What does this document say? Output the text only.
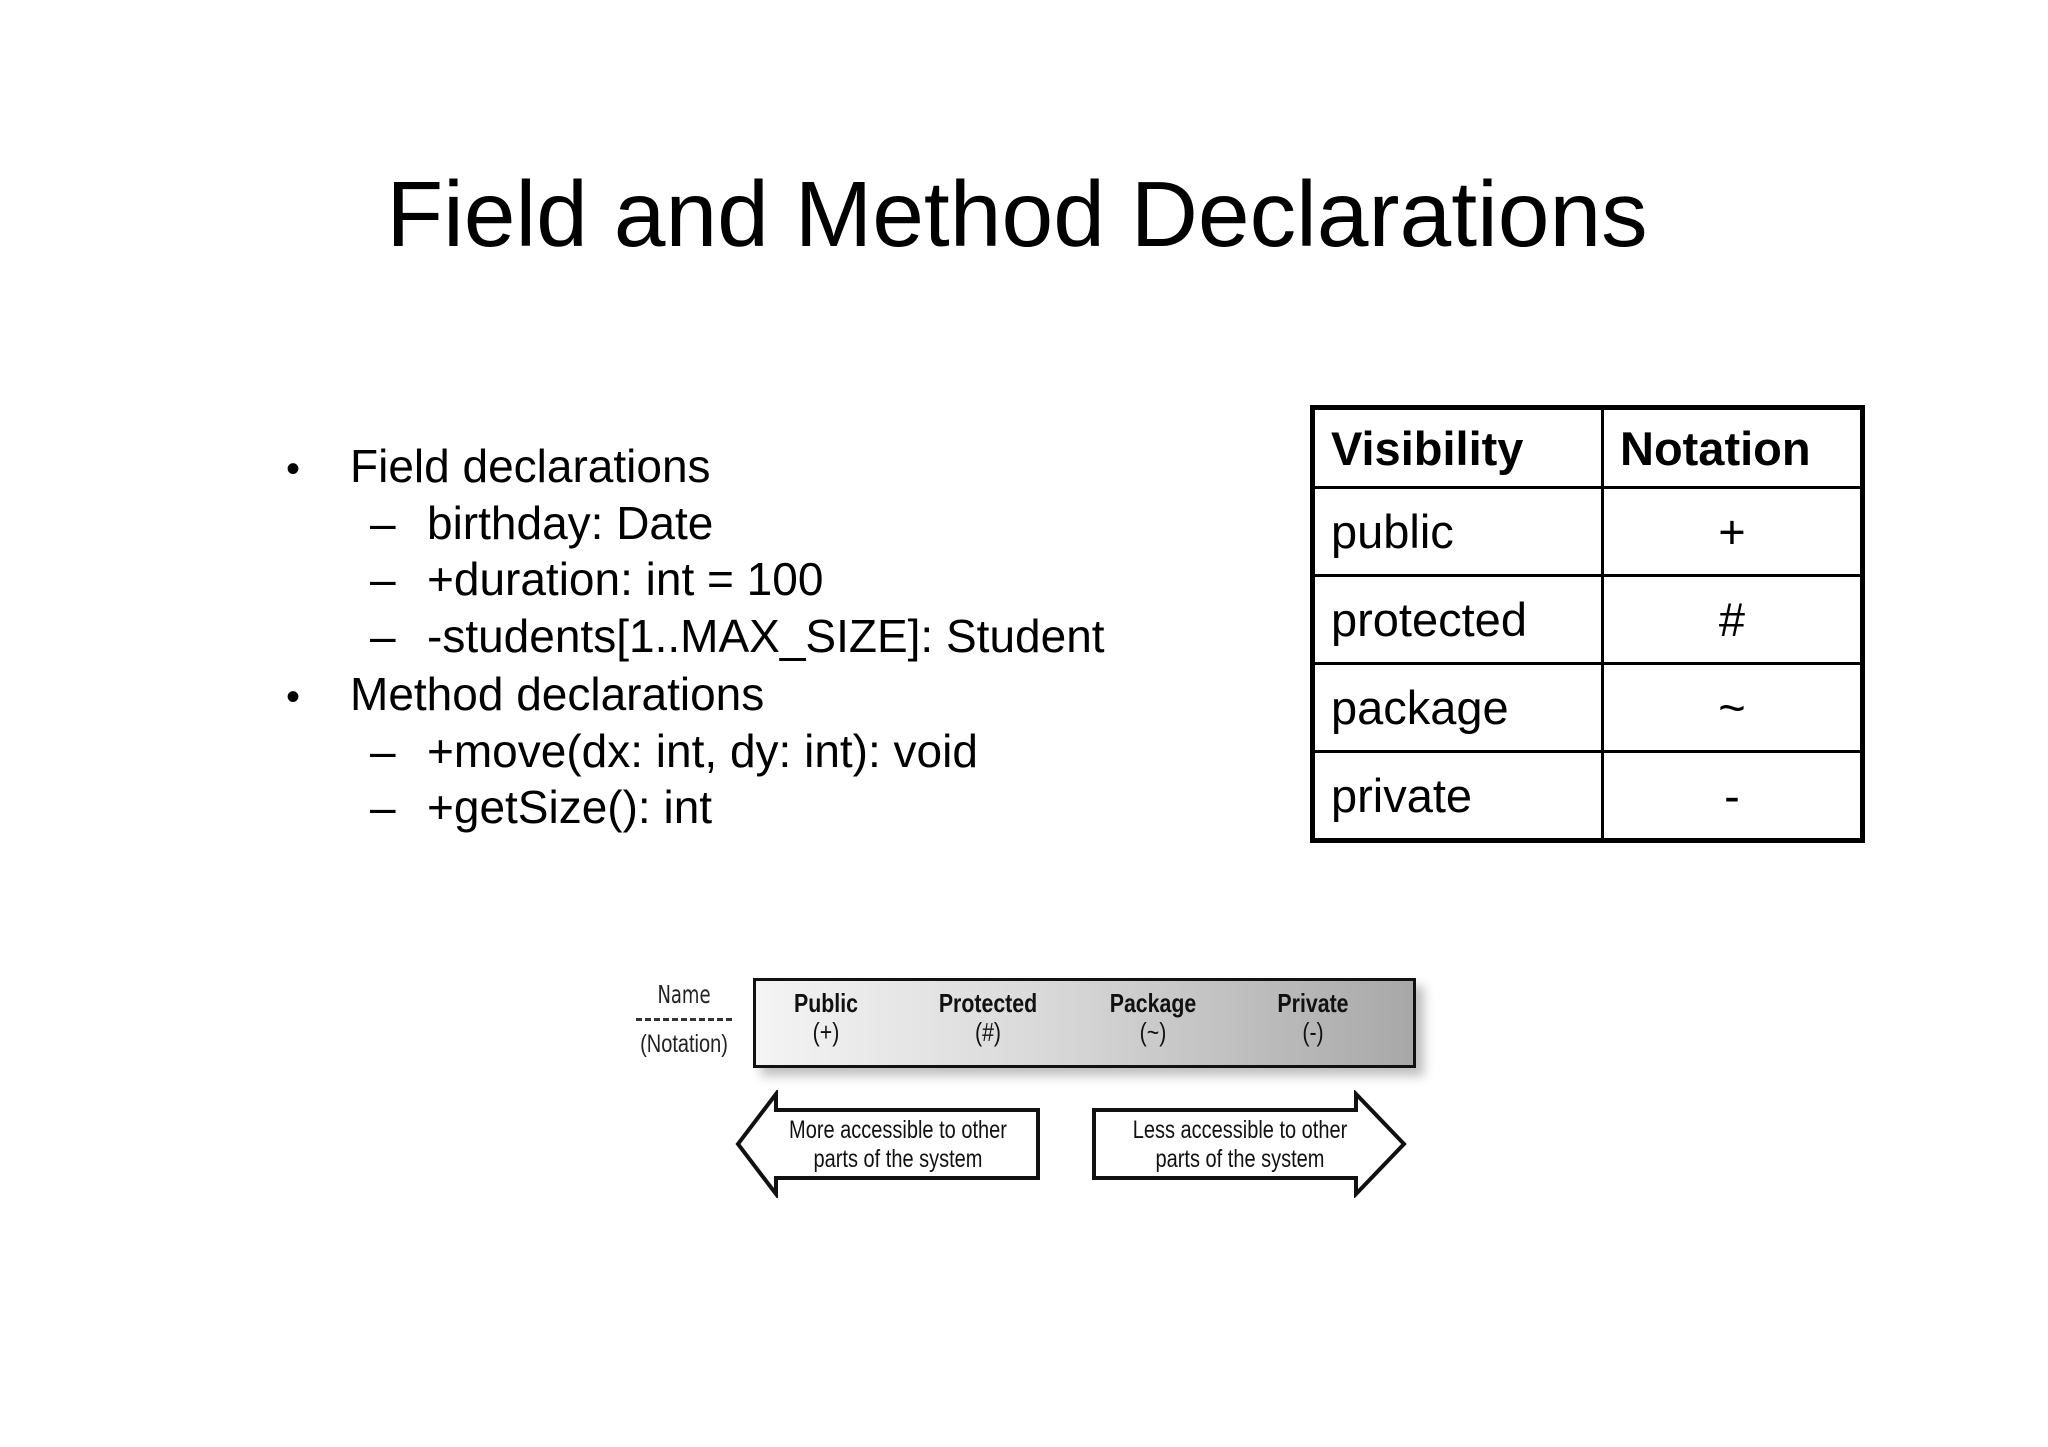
Field and Method Declarations
• Field declarations
– birthday: Date
– +duration: int = 100
– -students[1..MAX_SIZE]: Student
• Method declarations
– +move(dx: int, dy: int): void
– +getSize(): int
Visibility	Notation
public	+
protected	#
package	~
private	-
Name
(Notation)
Public
(+)
Protected
(#)
Package
(~)
Private
(-)
More accessible to other
parts of the system
Less accessible to other
parts of the system
